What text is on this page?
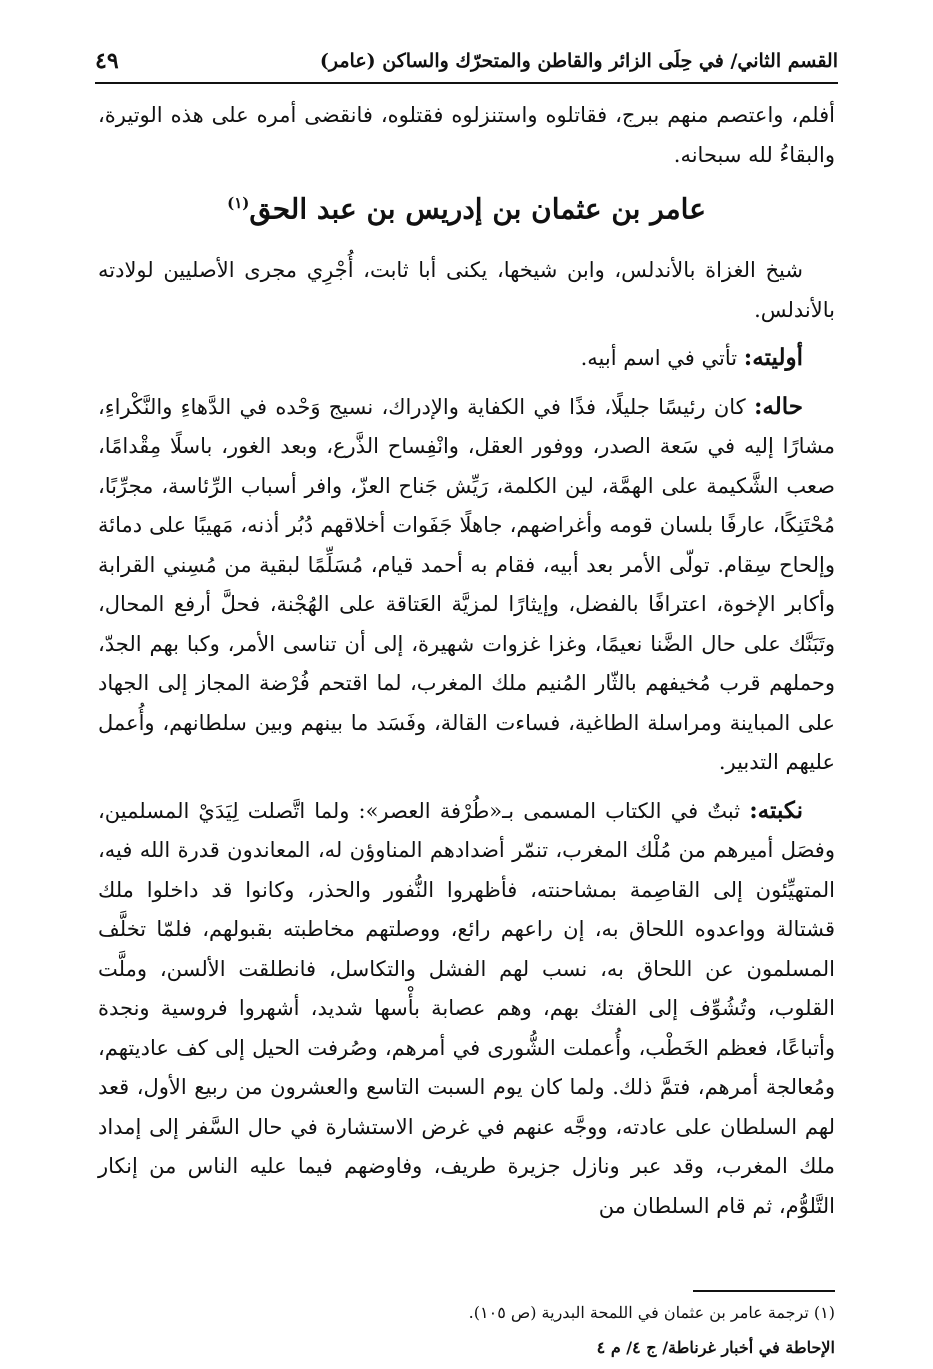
القسم الثاني/ في حِلَى الزائر والقاطن والمتحرّك والساكن (عامر)
٤٩

أفلم، واعتصم منهم ببرج، فقاتلوه واستنزلوه فقتلوه، فانقضى أمره على هذه الوتيرة، والبقاءُ لله سبحانه.

عامر بن عثمان بن إدريس بن عبد الحق$^{(١)}$

شيخ الغزاة بالأندلس، وابن شيخها، يكنى أبا ثابت، أُجْرِي مجرى الأصليين لولادته بالأندلس.

أوليته: تأتي في اسم أبيه.

حاله: كان رئيسًا جليلًا، فذًا في الكفاية والإدراك، نسيج وَحْده في الدَّهاءِ والنَّكْراءِ، مشارًا إليه في سَعة الصدر، ووفور العقل، وانْفِساح الذَّرع، وبعد الغور، باسلًا مِقْدامًا، صعب الشَّكيمة على الهمَّة، لين الكلمة، رَيِّش جَناح العزّ، وافر أسباب الرِّئاسة، مجرِّبًا، مُحْتَنِكًا، عارفًا بلسان قومه وأغراضهم، جاهلًا جَفَوات أخلاقهم دُبُر أذنه، مَهيبًا على دمائة وإلحاح سِقام. تولّى الأمر بعد أبيه، فقام به أحمد قيام، مُسَلِّمًا لبقية من مُسِني القرابة وأكابر الإخوة، اعترافًا بالفضل، وإيثارًا لمزيَّة العَتاقة على الهُجْنة، فحلَّ أرفع المحال، وتَبَنَّك على حال الضَّنا نعيمًا، وغزا غزوات شهيرة، إلى أن تناسى الأمر، وكبا بهم الجدّ، وحملهم قرب مُخيفهم بالثّار المُنيم ملك المغرب، لما اقتحم فُرْضة المجاز إلى الجهاد على المباينة ومراسلة الطاغية، فساءت القالة، وفَسَد ما بينهم وبين سلطانهم، وأُعمل عليهم التدبير.

نكبته: ثبتٌ في الكتاب المسمى بـ«طُرْفة العصر»: ولما اتَّصلت لِيَدَيْ المسلمين، وفصَل أميرهم من مُلْك المغرب، تنمّر أضدادهم المناوؤن له، المعاندون قدرة الله فيه، المتهيِّئون إلى القاصِمة بمشاحنته، فأظهروا النُّفور والحذر، وكانوا قد داخلوا ملك قشتالة وواعدوه اللحاق به، إن راعهم رائع، ووصلتهم مخاطبته بقبولهم، فلمّا تخلَّف المسلمون عن اللحاق به، نسب لهم الفشل والتكاسل، فانطلقت الألسن، وملَّت القلوب، وتُشُوِّف إلى الفتك بهم، وهم عصابة بأْسها شديد، أشهروا فروسية ونجدة وأتباعًا، فعظم الخَطْب، وأُعملت الشُّورى في أمرهم، وصُرفت الحيل إلى كف عاديتهم، ومُعالجة أمرهم، فتمَّ ذلك. ولما كان يوم السبت التاسع والعشرون من ربيع الأول، قعد لهم السلطان على عادته، ووجَّه عنهم في غرض الاستشارة في حال السَّفر إلى إمداد ملك المغرب، وقد عبر ونازل جزيرة طريف، وفاوضهم فيما عليه الناس من إنكار التَّلوُّم، ثم قام السلطان من

(١) ترجمة عامر بن عثمان في اللمحة البدرية (ص ١٠٥).
الإحاطة في أخبار غرناطة/ ج ٤/ م ٤
